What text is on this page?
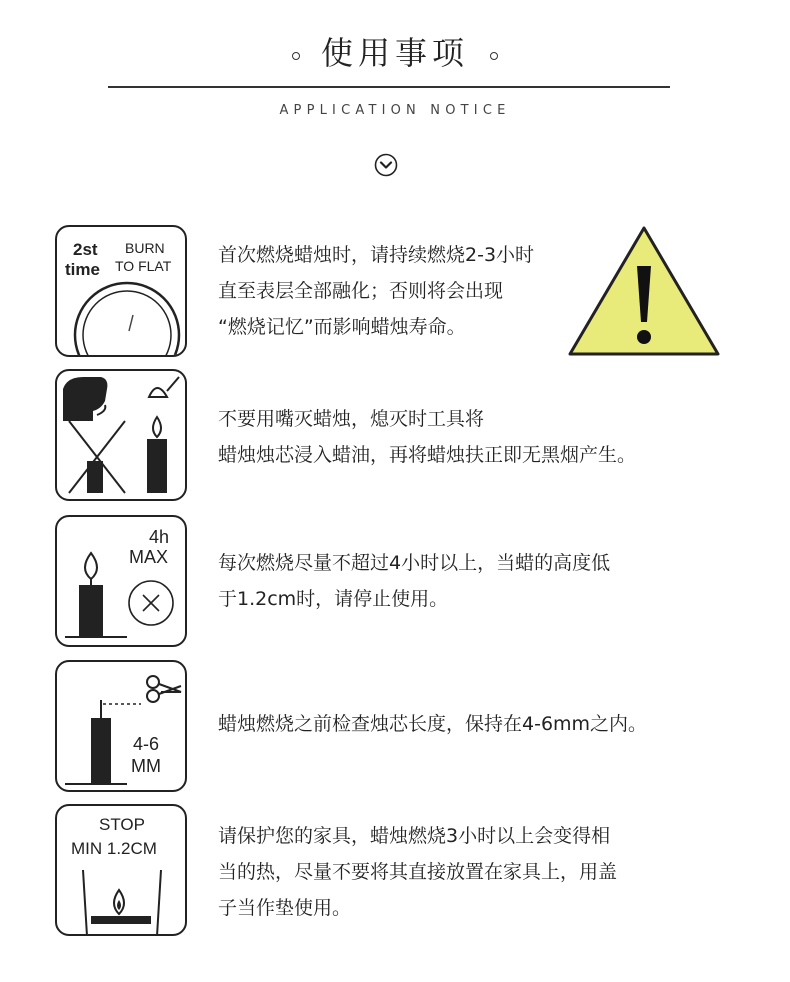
使用事项
APPLICATION NOTICE
2st
time
BURN
TO FLAT 首次燃烧蜡烛时，请持续燃烧2-3小时
直至表层全部融化；否则将会出现
“燃烧记忆”而影响蜡烛寿命。
不要用嘴灭蜡烛，熄灭时工具将
蜡烛烛芯浸入蜡油，再将蜡烛扶正即无黑烟产生。
4h
MAX	每次燃烧尽量不超过4小时以上，当蜡的高度低
于1.2cm时，请停止使用。
4-6
MM
蜡烛燃烧之前检查烛芯长度，保持在4-6mm之内。
STOP
MIN 1.2CM
请保护您的家具，蜡烛燃烧3小时以上会变得相
当的热，尽量不要将其直接放置在家具上，用盖
子当作垫使用。
